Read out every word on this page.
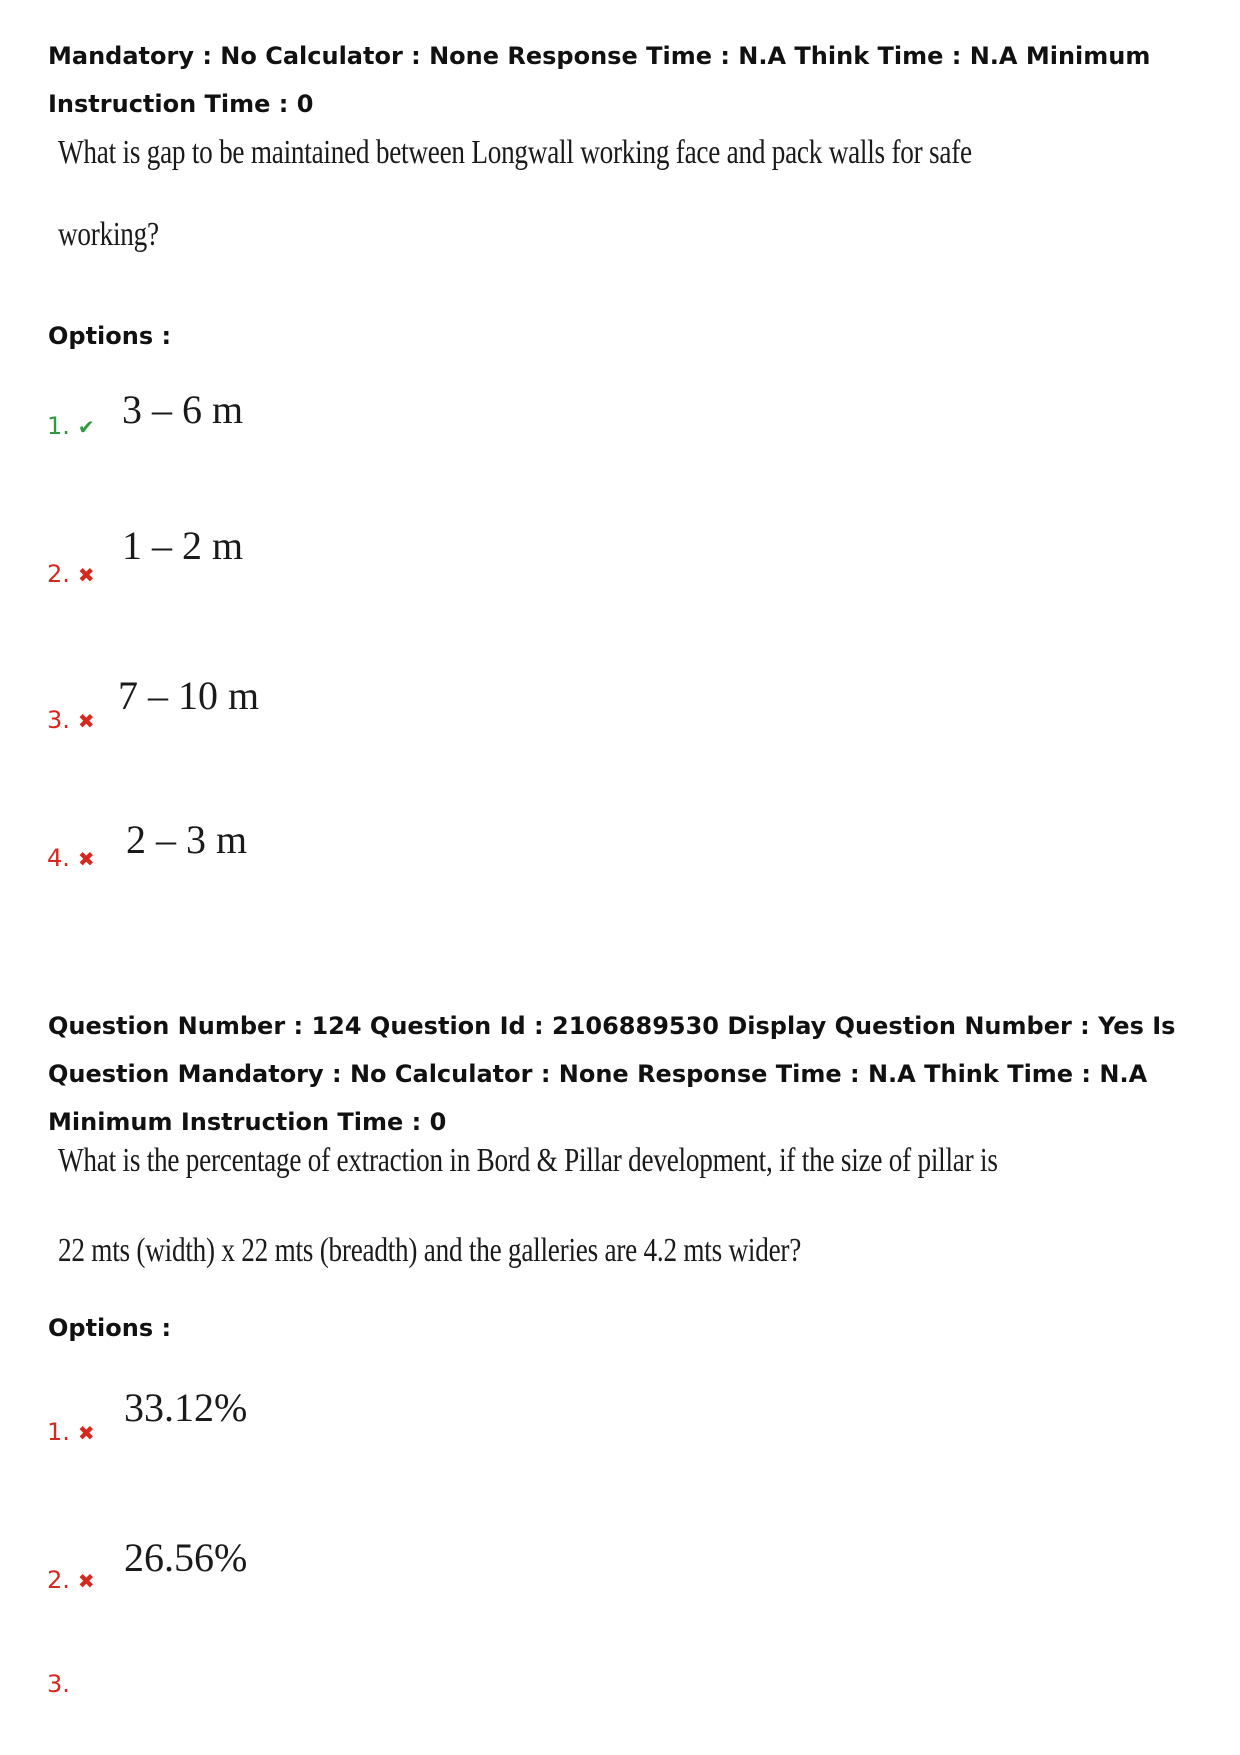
Mandatory : No Calculator : None Response Time : N.A Think Time : N.A Minimum Instruction Time : 0
What is gap to be maintained between Longwall working face and pack walls for safe
working?
Options :
1. ✔ 3 – 6 m
2. ✖
1 – 2 m
3. ✖
7 – 10 m
4. ✖ 2 – 3 m
Question Number : 124 Question Id : 2106889530 Display Question Number : Yes Is Question Mandatory : No Calculator : None Response Time : N.A Think Time : N.A Minimum Instruction Time : 0
What is the percentage of extraction in Bord & Pillar development, if the size of pillar is
22 mts (width) x 22 mts (breadth) and the galleries are 4.2 mts wider?
Options :
1. ✖
33.12%
2. ✖
26.56%
3.
